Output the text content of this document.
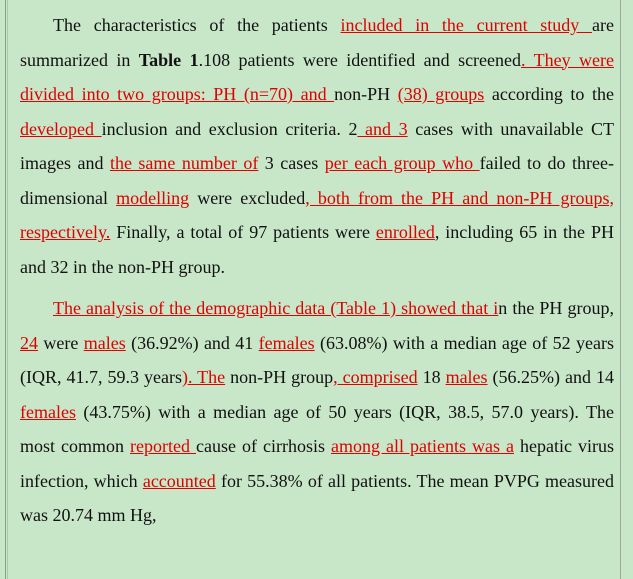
The characteristics of the patients included in the current study are summarized in Table 1.108 patients were identified and screened. They were divided into two groups: PH (n=70) and non-PH (38) groups according to the developed inclusion and exclusion criteria. 2 and 3 cases with unavailable CT images and the same number of 3 cases per each group who failed to do three-dimensional modelling were excluded, both from the PH and non-PH groups, respectively. Finally, a total of 97 patients were enrolled, including 65 in the PH and 32 in the non-PH group.

The analysis of the demographic data (Table 1) showed that in the PH group, 24 were males (36.92%) and 41 females (63.08%) with a median age of 52 years (IQR, 41.7, 59.3 years). The non-PH group, comprised 18 males (56.25%) and 14 females (43.75%) with a median age of 50 years (IQR, 38.5, 57.0 years). The most common reported cause of cirrhosis among all patients was a hepatic virus infection, which accounted for 55.38% of all patients. The mean PVPG measured was 20.74 mm Hg,
